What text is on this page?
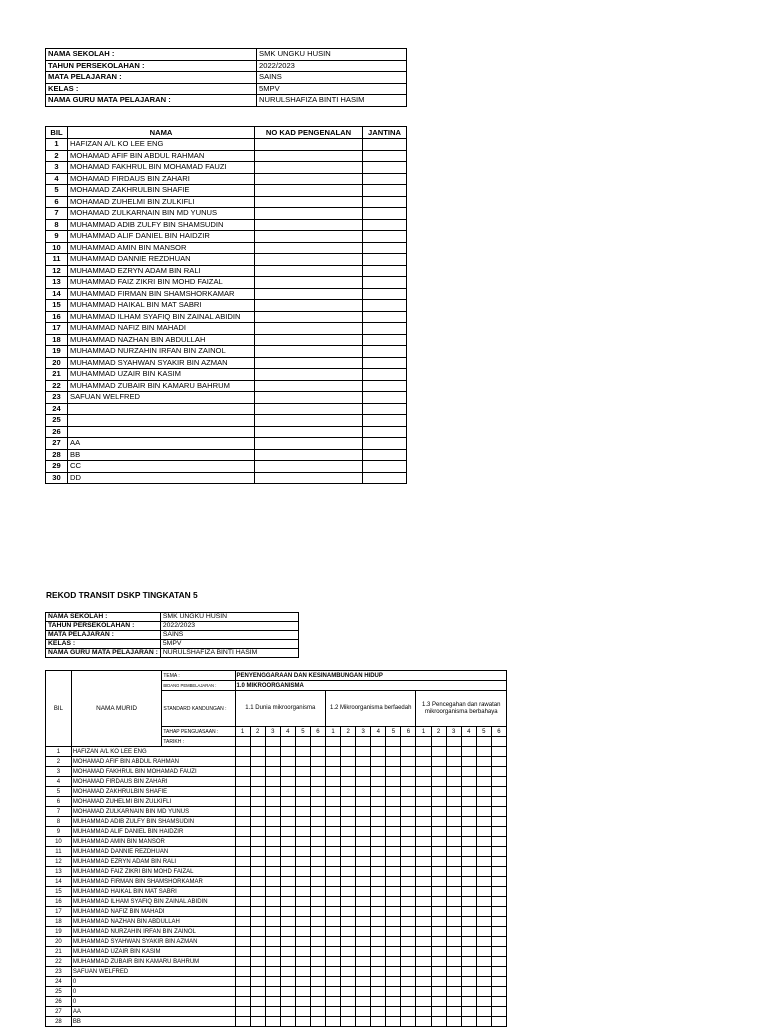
NAMA SEKOLAH :	SMK UNGKU HUSIN
TAHUN PERSEKOLAHAN :	2022/2023
MATA PELAJARAN :	SAINS
KELAS :	5MPV
NAMA GURU MATA PELAJARAN :	NURULSHAFIZA BINTI HASIM
BIL	NAMA	NO KAD PENGENALAN	JANTINA
1	HAFIZAN A/L KO LEE ENG		
2	MOHAMAD AFIF BIN ABDUL RAHMAN		
3	MOHAMAD FAKHRUL BIN MOHAMAD FAUZI		
4	MOHAMAD FIRDAUS BIN ZAHARI		
5	MOHAMAD ZAKHRULBIN SHAFIE		
6	MOHAMAD ZUHELMI BIN ZULKIFLI		
7	MOHAMAD ZULKARNAIN BIN MD YUNUS		
8	MUHAMMAD ADIB ZULFY BIN SHAMSUDIN		
9	MUHAMMAD ALIF DANIEL BIN HAIDZIR		
10	MUHAMMAD AMIN BIN MANSOR		
11	MUHAMMAD DANNIE REZDHUAN		
12	MUHAMMAD EZRYN ADAM BIN RALI		
13	MUHAMMAD FAIZ ZIKRI BIN MOHD FAIZAL		
14	MUHAMMAD FIRMAN BIN SHAMSHORKAMAR		
15	MUHAMMAD HAIKAL BIN MAT SABRI		
16	MUHAMMAD ILHAM SYAFIQ BIN ZAINAL ABIDIN		
17	MUHAMMAD NAFIZ BIN MAHADI		
18	MUHAMMAD NAZHAN BIN ABDULLAH		
19	MUHAMMAD NURZAHIN IRFAN BIN ZAINOL		
20	MUHAMMAD SYAHWAN SYAKIR BIN AZMAN		
21	MUHAMMAD UZAIR BIN KASIM		
22	MUHAMMAD ZUBAIR BIN KAMARU BAHRUM		
23	SAFUAN WELFRED		
24			
25			
26			
27	AA		
28	BB		
29	CC		
30	DD		
REKOD TRANSIT DSKP TINGKATAN 5
NAMA SEKOLAH :	SMK UNGKU HUSIN
TAHUN PERSEKOLAHAN :	2022/2023
MATA PELAJARAN :	SAINS
KELAS :	5MPV
NAMA GURU MATA PELAJARAN :	NURULSHAFIZA BINTI HASIM
BIL	NAMA MURID	TEMA :	PENYENGGARAAN DAN KESINAMBUNGAN HIDUP																	
		BIDANG PEMBELAJARAN :	1.0 MIKROORGANISMA																	
		STANDARD KANDUNGAN :	1.1 Dunia mikroorganisma						1.2 Mikroorganisma berfaedah						1.3 Pencegahan dan rawatan mikroorganisma berbahaya					
		TAHAP PENGUASAAN :	1	2	3	4	5	6	1	2	3	4	5	6	1	2	3	4	5	6
		TARIKH :																		
1	HAFIZAN A/L KO LEE ENG																			
2	MOHAMAD AFIF BIN ABDUL RAHMAN																			
3	MOHAMAD FAKHRUL BIN MOHAMAD FAUZI																			
4	MOHAMAD FIRDAUS BIN ZAHARI																			
5	MOHAMAD ZAKHRULBIN SHAFIE																			
6	MOHAMAD ZUHELMI BIN ZULKIFLI																			
7	MOHAMAD ZULKARNAIN BIN MD YUNUS																			
8	MUHAMMAD ADIB ZULFY BIN SHAMSUDIN																			
9	MUHAMMAD ALIF DANIEL BIN HAIDZIR																			
10	MUHAMMAD AMIN BIN MANSOR																			
11	MUHAMMAD DANNIE REZDHUAN																			
12	MUHAMMAD EZRYN ADAM BIN RALI																			
13	MUHAMMAD FAIZ ZIKRI BIN MOHD FAIZAL																			
14	MUHAMMAD FIRMAN BIN SHAMSHORKAMAR																			
15	MUHAMMAD HAIKAL BIN MAT SABRI																			
16	MUHAMMAD ILHAM SYAFIQ BIN ZAINAL ABIDIN																			
17	MUHAMMAD NAFIZ BIN MAHADI																			
18	MUHAMMAD NAZHAN BIN ABDULLAH																			
19	MUHAMMAD NURZAHIN IRFAN BIN ZAINOL																			
20	MUHAMMAD SYAHWAN SYAKIR BIN AZMAN																			
21	MUHAMMAD UZAIR BIN KASIM																			
22	MUHAMMAD ZUBAIR BIN KAMARU BAHRUM																			
23	SAFUAN WELFRED																			
24	0																			
25	0																			
26	0																			
27	AA																			
28	BB																			
